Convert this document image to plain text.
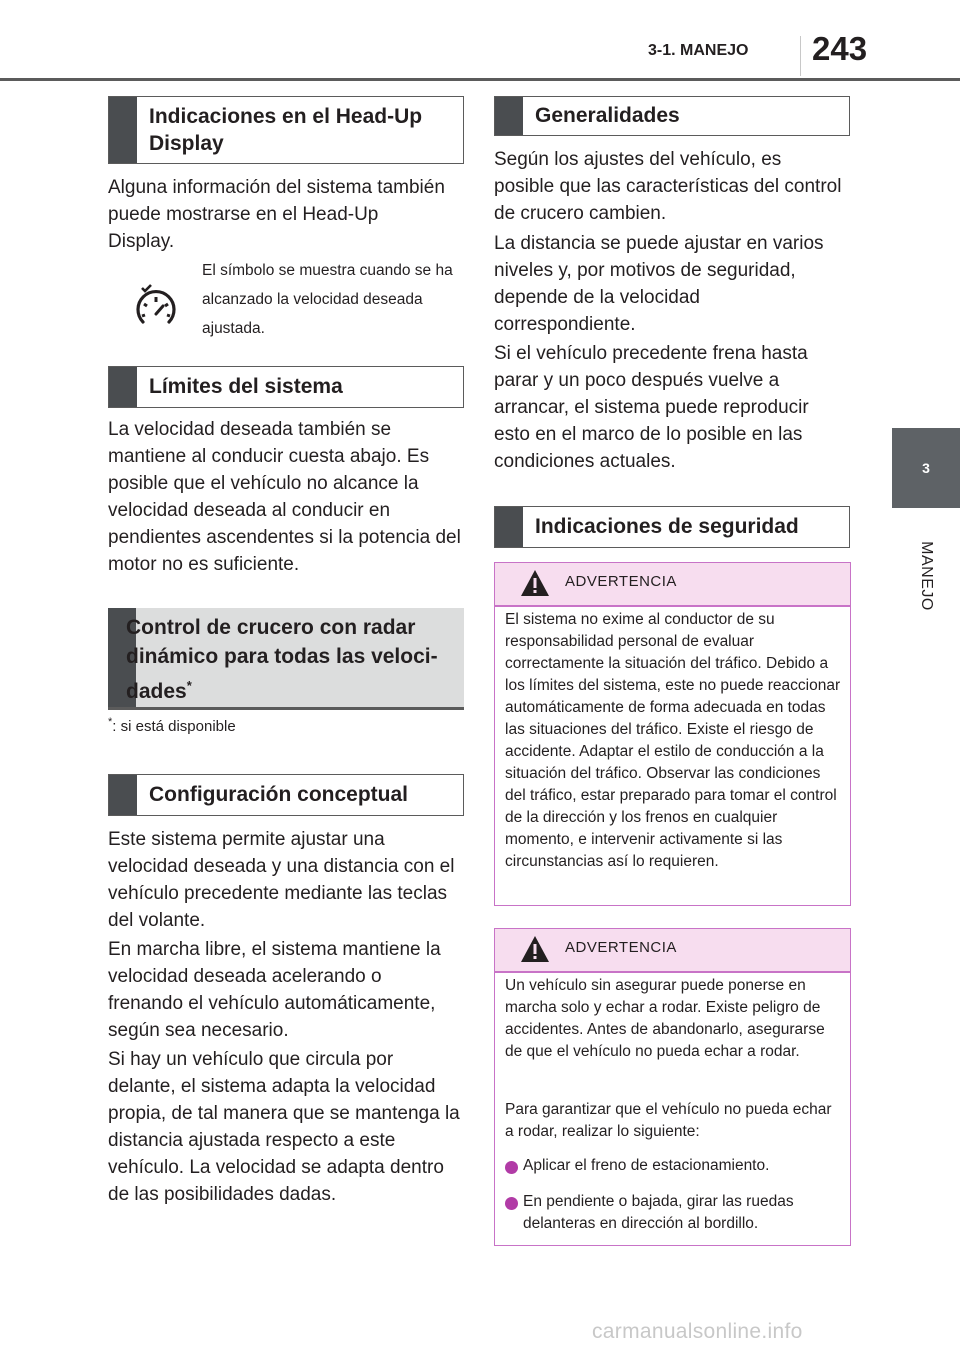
3-1. MANEJO 243
3
MANEJO
Indicaciones en el Head-Up Display

Alguna información del sistema también puede mostrarse en el Head-Up Display.

El símbolo se muestra cuando se ha alcanzado la velocidad deseada ajustada.

Límites del sistema

La velocidad deseada también se mantiene al conducir cuesta abajo. Es posible que el vehículo no alcance la velocidad deseada al conducir en pendientes ascendentes si la potencia del motor no es suficiente.

Control de crucero con radar
dinámico para todas las veloci-
dades*
*: si está disponible
Configuración conceptual

Este sistema permite ajustar una velocidad deseada y una distancia con el vehículo precedente mediante las teclas del volante.

En marcha libre, el sistema mantiene la velocidad deseada acelerando o frenando el vehículo automáticamente, según sea necesario.

Si hay un vehículo que circula por delante, el sistema adapta la velocidad propia, de tal manera que se mantenga la distancia ajustada respecto a este vehículo. La velocidad se adapta dentro de las posibilidades dadas.

Generalidades

Según los ajustes del vehículo, es posible que las características del control de crucero cambien.

La distancia se puede ajustar en varios niveles y, por motivos de seguridad, depende de la velocidad correspondiente.

Si el vehículo precedente frena hasta parar y un poco después vuelve a arrancar, el sistema puede reproducir esto en el marco de lo posible en las condiciones actuales.

Indicaciones de seguridad
ADVERTENCIA

El sistema no exime al conductor de su responsabilidad personal de evaluar correctamente la situación del tráfico. Debido a los límites del sistema, este no puede reaccionar automáticamente de forma adecuada en todas las situaciones del tráfico. Existe el riesgo de accidente. Adaptar el estilo de conducción a la situación del tráfico. Observar las condiciones del tráfico, estar preparado para tomar el control de la dirección y los frenos en cualquier momento, e intervenir activamente si las circunstancias así lo requieren.

ADVERTENCIA

Un vehículo sin asegurar puede ponerse en marcha solo y echar a rodar. Existe peligro de accidentes. Antes de abandonarlo, asegurarse de que el vehículo no pueda echar a rodar.

Para garantizar que el vehículo no pueda echar a rodar, realizar lo siguiente:

Aplicar el freno de estacionamiento.

En pendiente o bajada, girar las ruedas delanteras en dirección al bordillo.

carmanualsonline.info
